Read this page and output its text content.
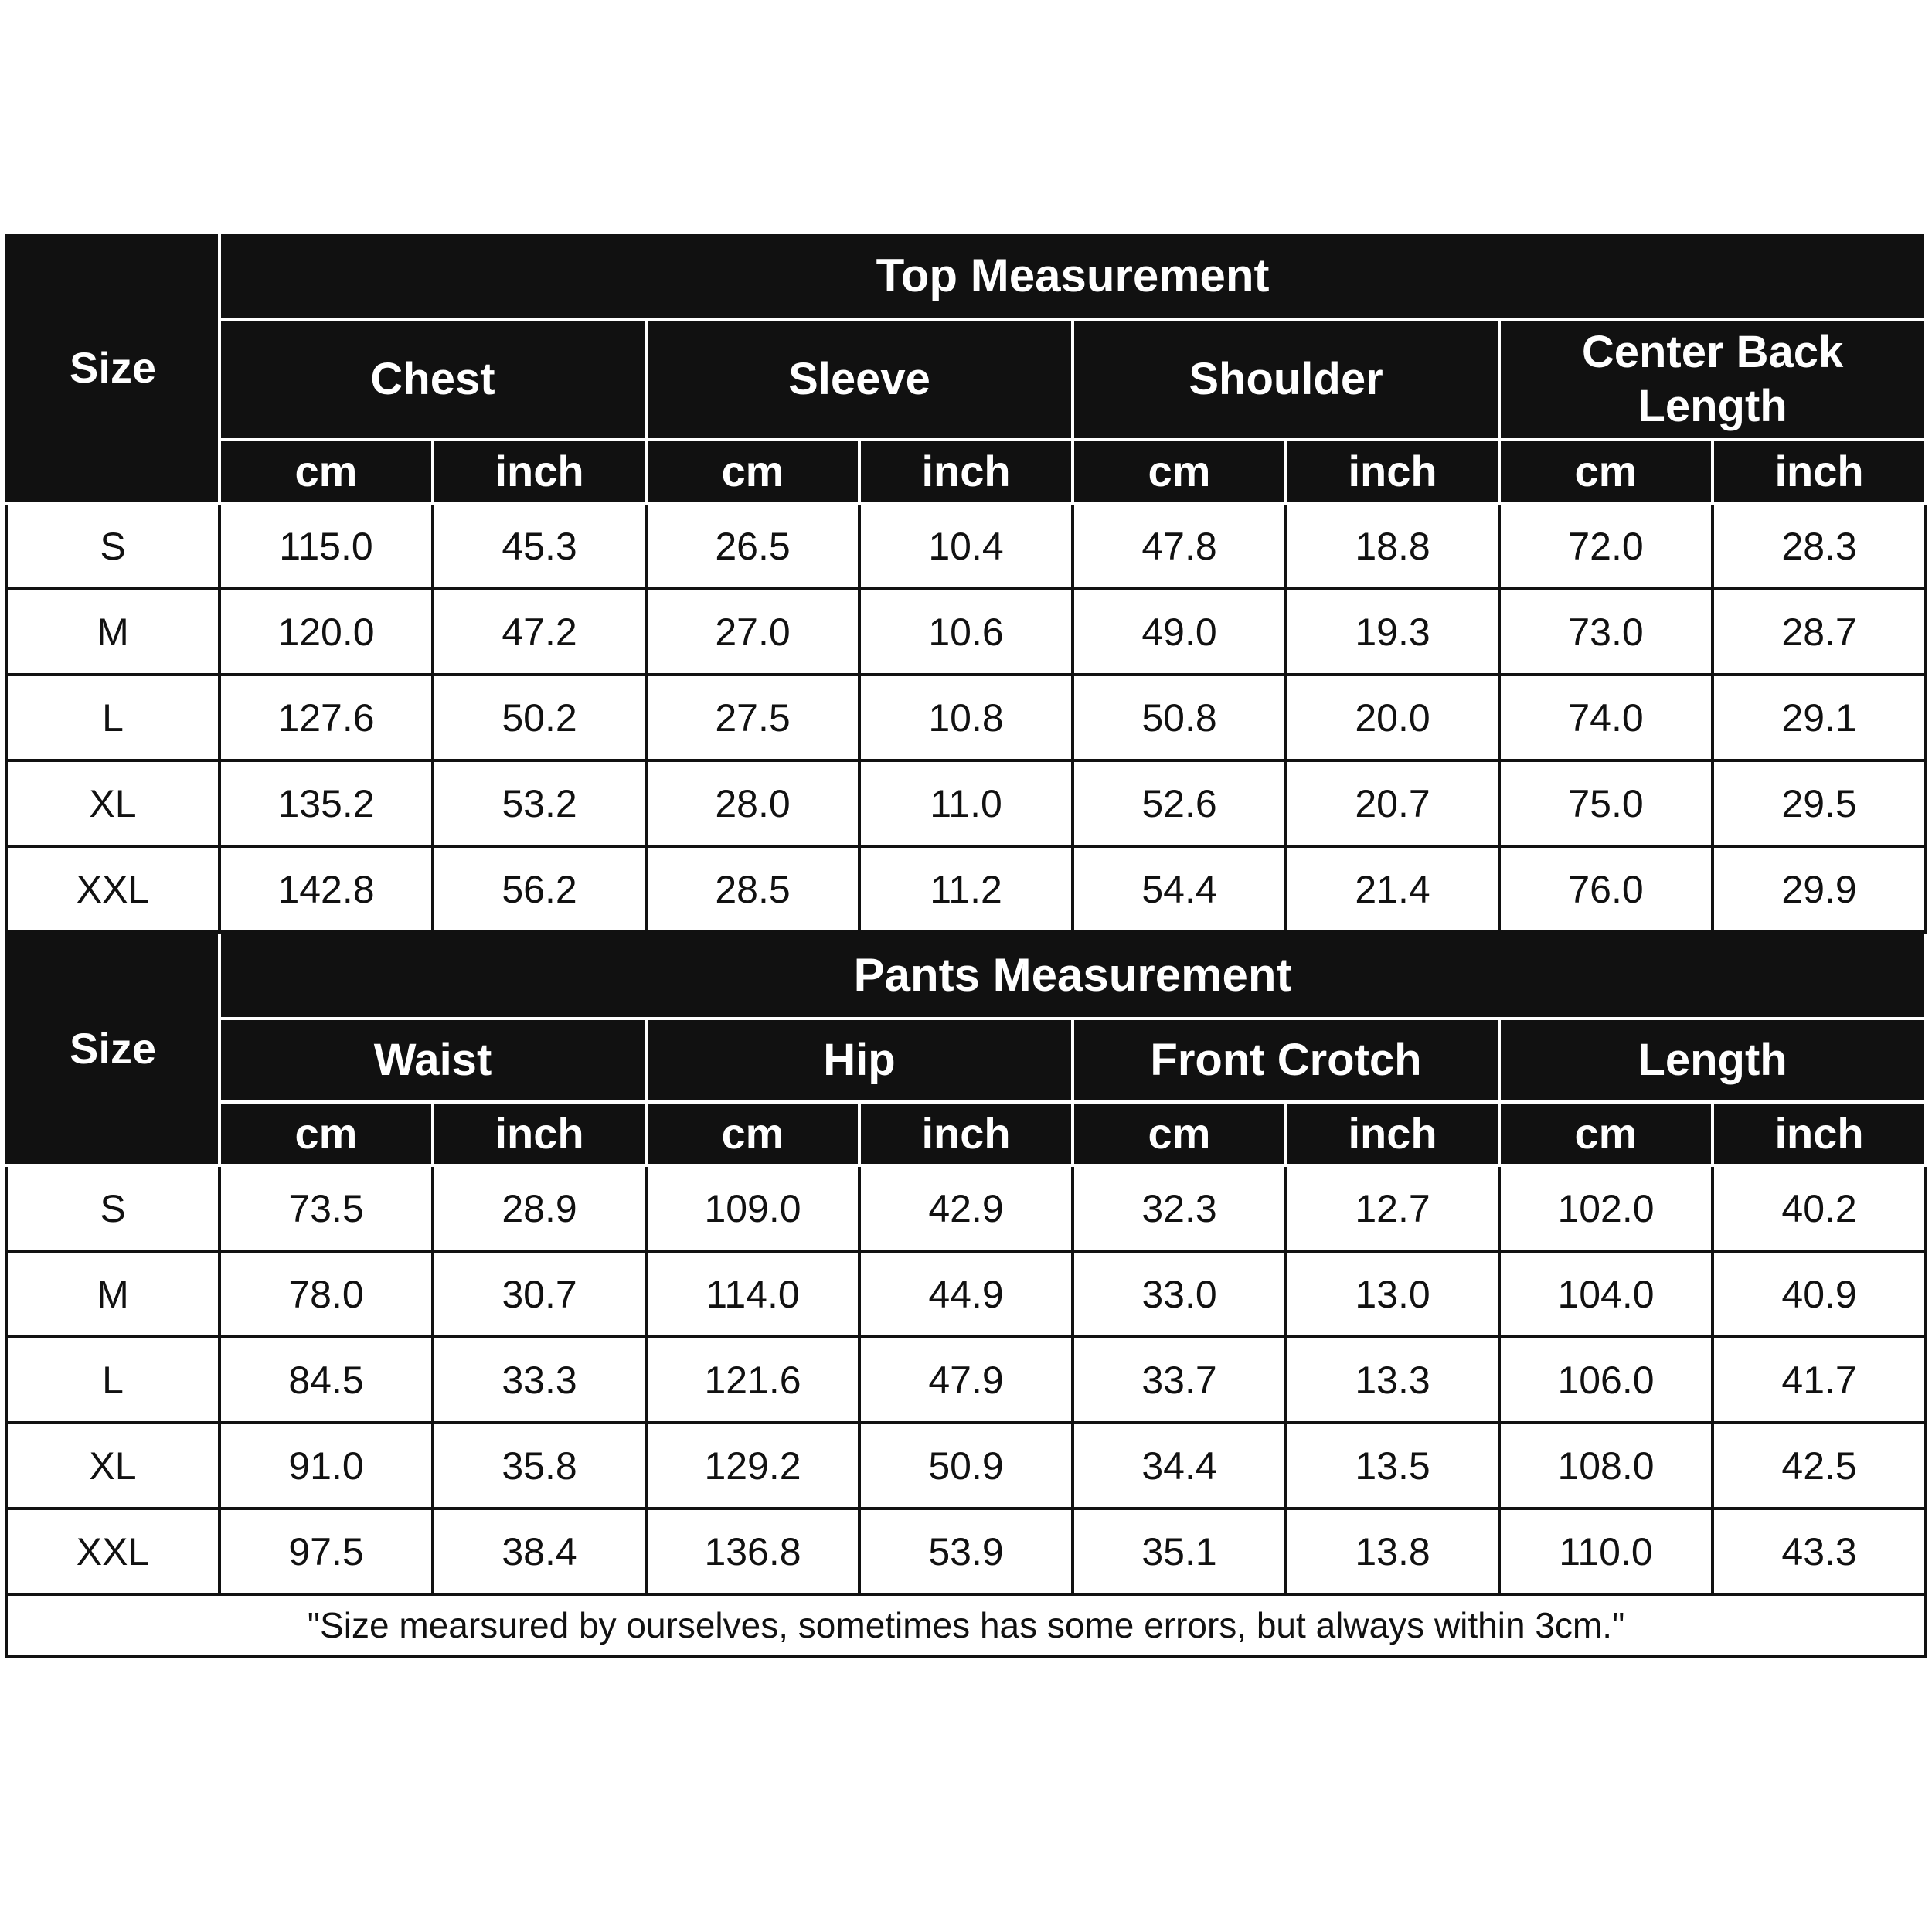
Size	Top Measurement							
	Chest		Sleeve		Shoulder		Center Back Length	
	cm	inch	cm	inch	cm	inch	cm	inch
S	115.0	45.3	26.5	10.4	47.8	18.8	72.0	28.3
M	120.0	47.2	27.0	10.6	49.0	19.3	73.0	28.7
L	127.6	50.2	27.5	10.8	50.8	20.0	74.0	29.1
XL	135.2	53.2	28.0	11.0	52.6	20.7	75.0	29.5
XXL	142.8	56.2	28.5	11.2	54.4	21.4	76.0	29.9
Size	Pants Measurement							
	Waist		Hip		Front Crotch		Length	
	cm	inch	cm	inch	cm	inch	cm	inch
S	73.5	28.9	109.0	42.9	32.3	12.7	102.0	40.2
M	78.0	30.7	114.0	44.9	33.0	13.0	104.0	40.9
L	84.5	33.3	121.6	47.9	33.7	13.3	106.0	41.7
XL	91.0	35.8	129.2	50.9	34.4	13.5	108.0	42.5
XXL	97.5	38.4	136.8	53.9	35.1	13.8	110.0	43.3
"Size mearsured by ourselves, sometimes has some errors, but always within 3cm."								
